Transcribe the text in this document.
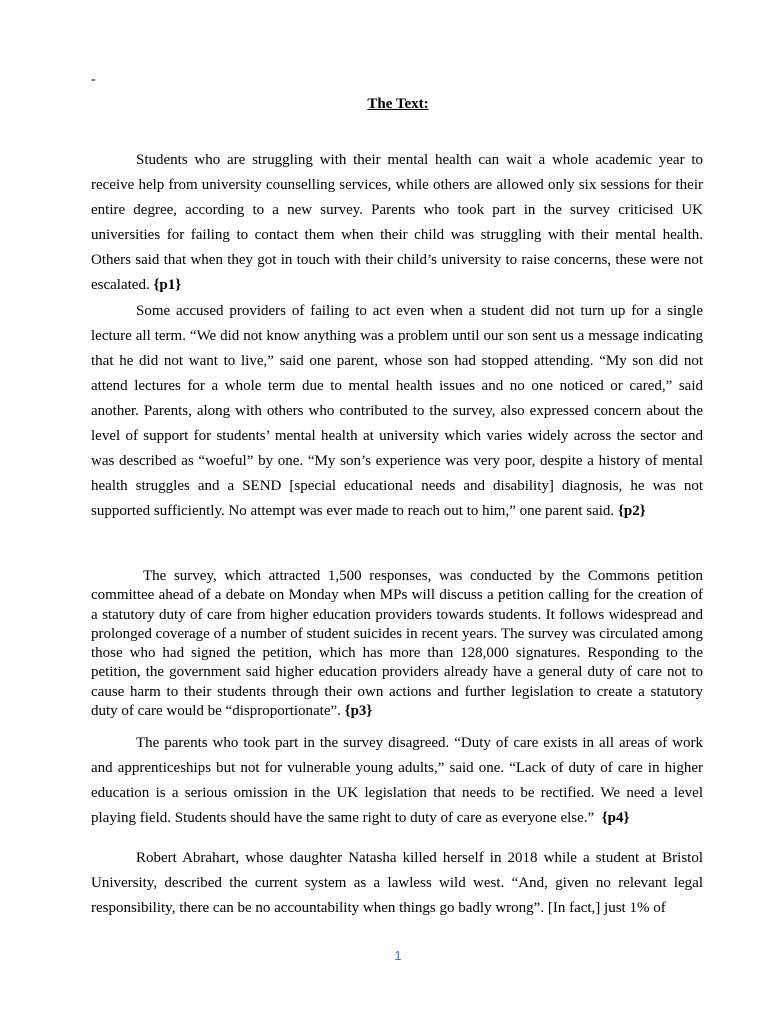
-
The Text:

Students who are struggling with their mental health can wait a whole academic year to receive help from university counselling services, while others are allowed only six sessions for their entire degree, according to a new survey. Parents who took part in the survey criticised UK universities for failing to contact them when their child was struggling with their mental health. Others said that when they got in touch with their child’s university to raise concerns, these were not escalated. {p1}

Some accused providers of failing to act even when a student did not turn up for a single lecture all term. “We did not know anything was a problem until our son sent us a message indicating that he did not want to live,” said one parent, whose son had stopped attending. “My son did not attend lectures for a whole term due to mental health issues and no one noticed or cared,” said another. Parents, along with others who contributed to the survey, also expressed concern about the level of support for students’ mental health at university which varies widely across the sector and was described as “woeful” by one. “My son’s experience was very poor, despite a history of mental health struggles and a SEND [special educational needs and disability] diagnosis, he was not supported sufficiently. No attempt was ever made to reach out to him,” one parent said. {p2}

The survey, which attracted 1,500 responses, was conducted by the Commons petition committee ahead of a debate on Monday when MPs will discuss a petition calling for the creation of a statutory duty of care from higher education providers towards students. It follows widespread and prolonged coverage of a number of student suicides in recent years. The survey was circulated among those who had signed the petition, which has more than 128,000 signatures. Responding to the petition, the government said higher education providers already have a general duty of care not to cause harm to their students through their own actions and further legislation to create a statutory duty of care would be “disproportionate”. {p3}

The parents who took part in the survey disagreed. “Duty of care exists in all areas of work and apprenticeships but not for vulnerable young adults,” said one. “Lack of duty of care in higher education is a serious omission in the UK legislation that needs to be rectified. We need a level playing field. Students should have the same right to duty of care as everyone else.” {p4}

Robert Abrahart, whose daughter Natasha killed herself in 2018 while a student at Bristol University, described the current system as a lawless wild west. “And, given no relevant legal responsibility, there can be no accountability when things go badly wrong”. [In fact,] just 1% of

1
